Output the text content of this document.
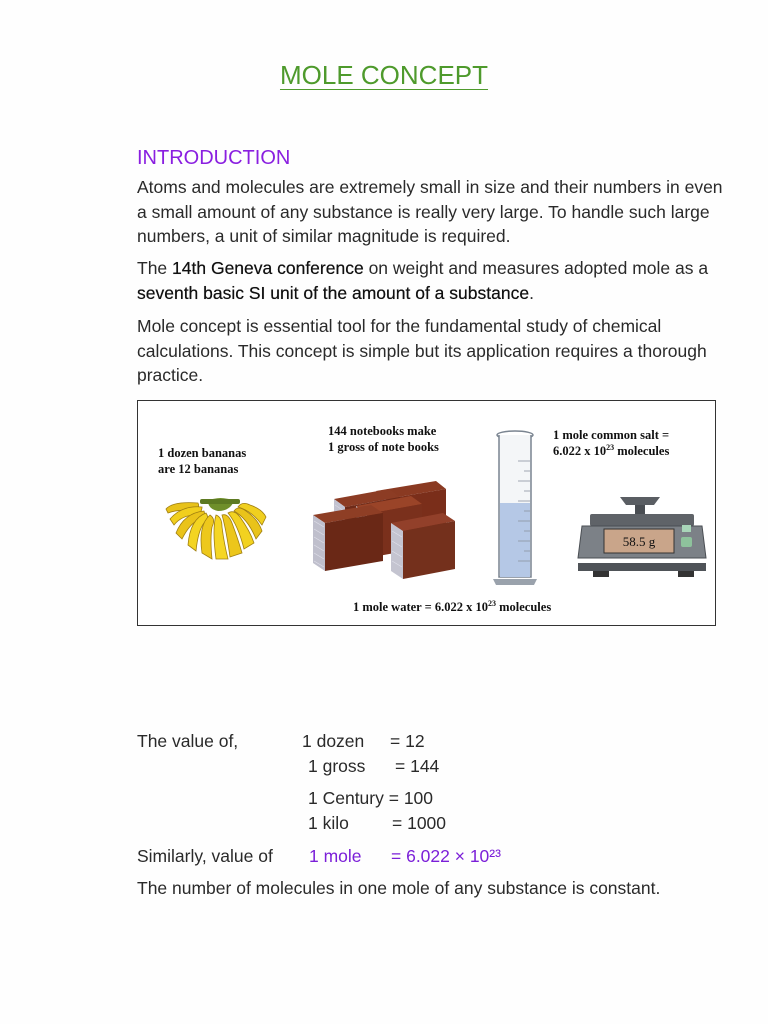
MOLE CONCEPT
INTRODUCTION

Atoms and molecules are extremely small in size and their numbers in even a small amount of any substance is really very large. To handle such large numbers, a unit of similar magnitude is required.

The 14th Geneva conference on weight and measures adopted mole as a seventh basic SI unit of the amount of a substance.

Mole concept is essential tool for the fundamental study of chemical calculations. This concept is simple but its application requires a thorough practice.

1 dozen bananas
are 12 bananas
144 notebooks make
1 gross of note books
1 mole common salt =
6.022 x $10^{23}$ molecules
58.5 g
1 mole water = 6.022 x $10^{23}$ molecules
The value of,	1 dozen = 12
1 gross = 144
1 Century = 100
1 kilo = 1000
Similarly, value of 1 mole = 6.022 × 10²³
The number of molecules in one mole of any substance is constant.
